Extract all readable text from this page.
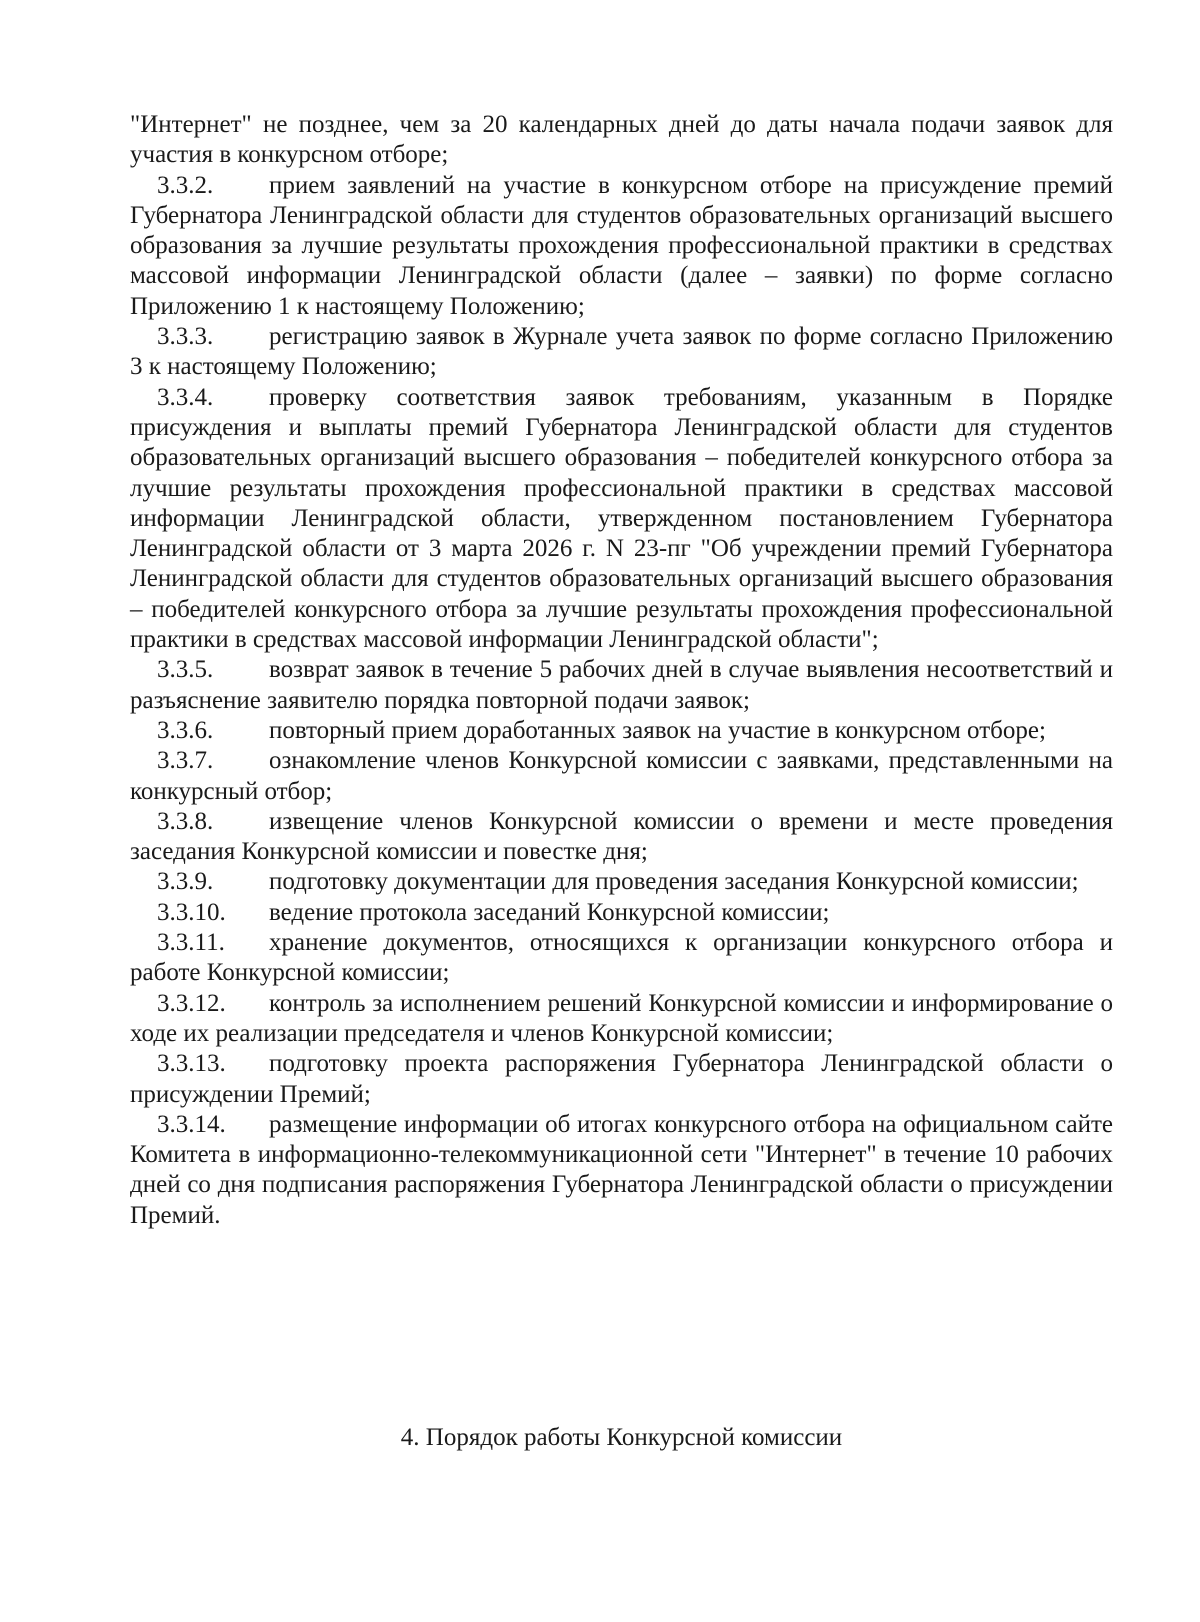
"Интернет" не позднее, чем за 20 календарных дней до даты начала подачи заявок для участия в конкурсном отборе;

3.3.2. прием заявлений на участие в конкурсном отборе на присуждение премий Губернатора Ленинградской области для студентов образовательных организаций высшего образования за лучшие результаты прохождения профессиональной практики в средствах массовой информации Ленинградской области (далее – заявки) по форме согласно Приложению 1 к настоящему Положению;

3.3.3. регистрацию заявок в Журнале учета заявок по форме согласно Приложению 3 к настоящему Положению;

3.3.4. проверку соответствия заявок требованиям, указанным в Порядке присуждения и выплаты премий Губернатора Ленинградской области для студентов образовательных организаций высшего образования – победителей конкурсного отбора за лучшие результаты прохождения профессиональной практики в средствах массовой информации Ленинградской области, утвержденном постановлением Губернатора Ленинградской области от 3 марта 2026 г. N 23-пг "Об учреждении премий Губернатора Ленинградской области для студентов образовательных организаций высшего образования – победителей конкурсного отбора за лучшие результаты прохождения профессиональной практики в средствах массовой информации Ленинградской области";

3.3.5. возврат заявок в течение 5 рабочих дней в случае выявления несоответствий и разъяснение заявителю порядка повторной подачи заявок;

3.3.6. повторный прием доработанных заявок на участие в конкурсном отборе;

3.3.7. ознакомление членов Конкурсной комиссии с заявками, представленными на конкурсный отбор;

3.3.8. извещение членов Конкурсной комиссии о времени и месте проведения заседания Конкурсной комиссии и повестке дня;

3.3.9. подготовку документации для проведения заседания Конкурсной комиссии;

3.3.10. ведение протокола заседаний Конкурсной комиссии;

3.3.11. хранение документов, относящихся к организации конкурсного отбора и работе Конкурсной комиссии;

3.3.12. контроль за исполнением решений Конкурсной комиссии и информирование о ходе их реализации председателя и членов Конкурсной комиссии;

3.3.13. подготовку проекта распоряжения Губернатора Ленинградской области о присуждении Премий;

3.3.14. размещение информации об итогах конкурсного отбора на официальном сайте Комитета в информационно-телекоммуникационной сети "Интернет" в течение 10 рабочих дней со дня подписания распоряжения Губернатора Ленинградской области о присуждении Премий.

4. Порядок работы Конкурсной комиссии
